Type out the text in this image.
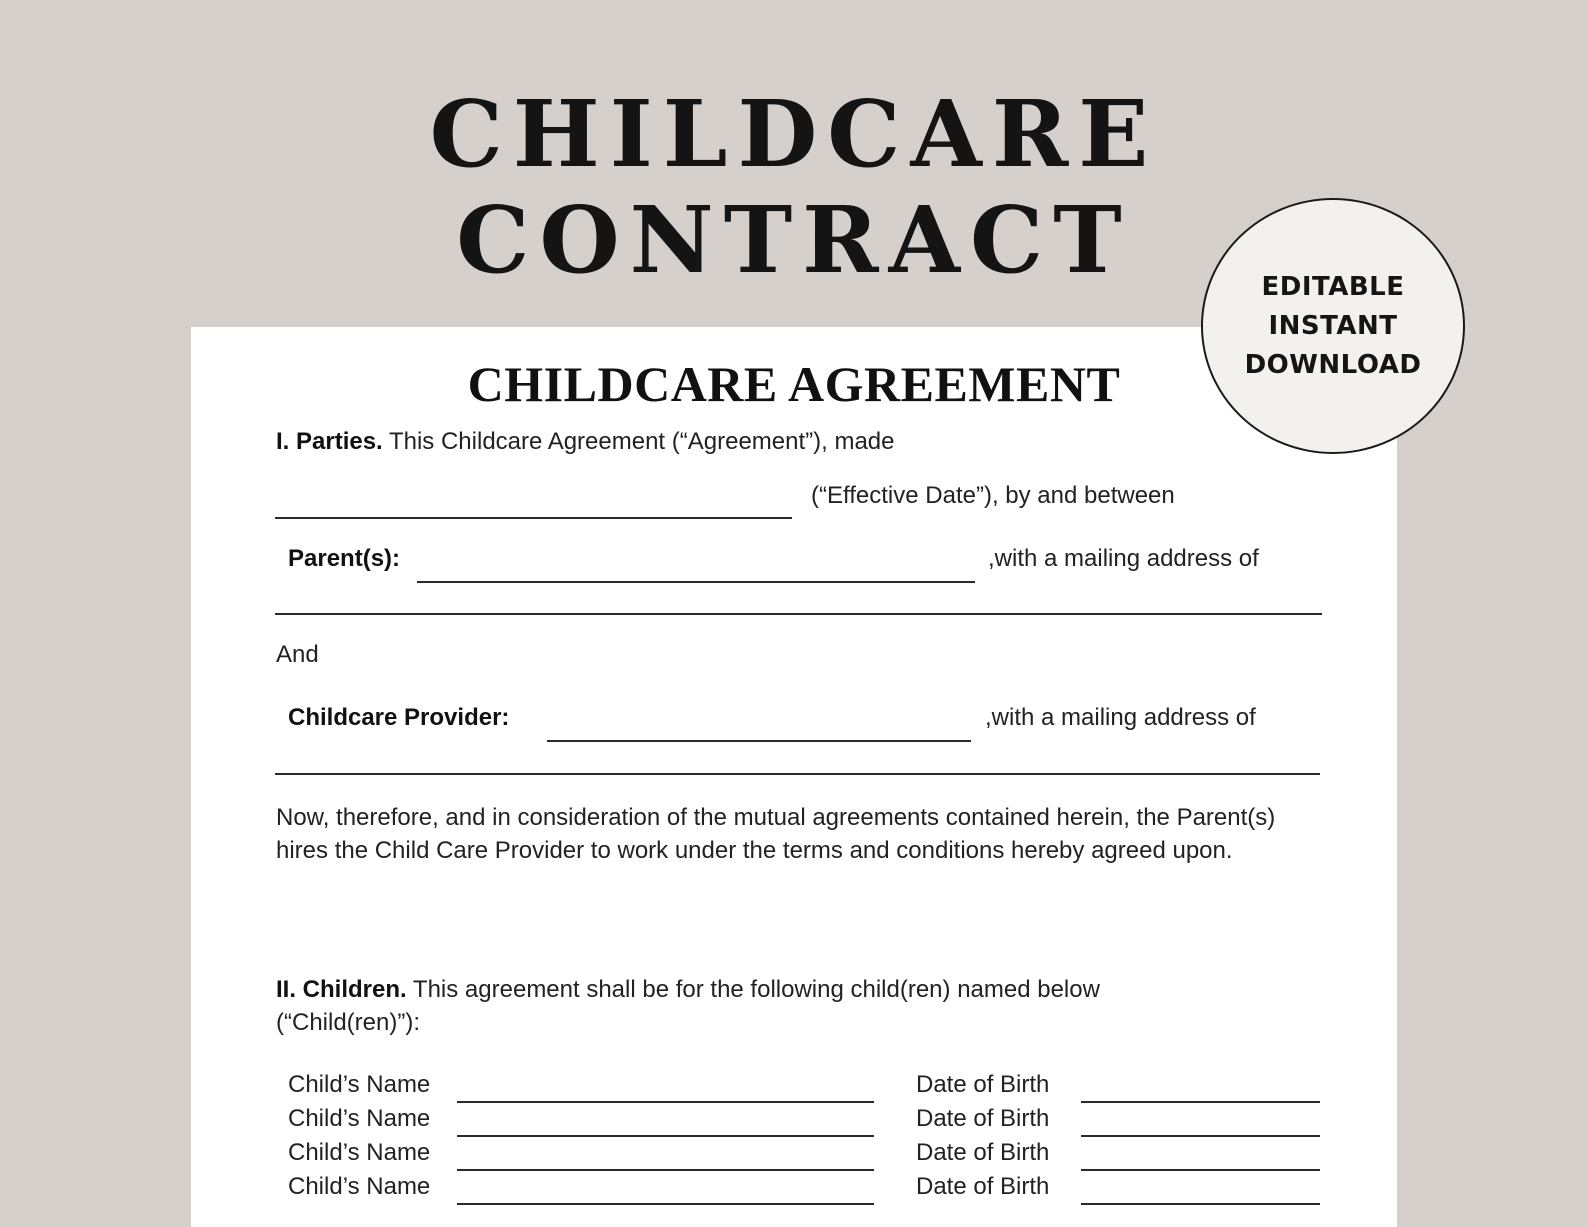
CHILDCARE
CONTRACT
CHILDCARE AGREEMENT
I. Parties. This Childcare Agreement (“Agreement”), made
(“Effective Date”), by and between
Parent(s):	,with a mailing address of
And
Childcare Provider:	,with a mailing address of
Now, therefore, and in consideration of the mutual agreements contained herein, the Parent(s) hires the Child Care Provider to work under the terms and conditions hereby agreed upon.
II. Children. This agreement shall be for the following child(ren) named below (“Child(ren)”):
Child’s Name	Date of Birth
Child’s Name	Date of Birth
Child’s Name	Date of Birth
Child’s Name	Date of Birth
EDITABLE
INSTANT
DOWNLOAD
